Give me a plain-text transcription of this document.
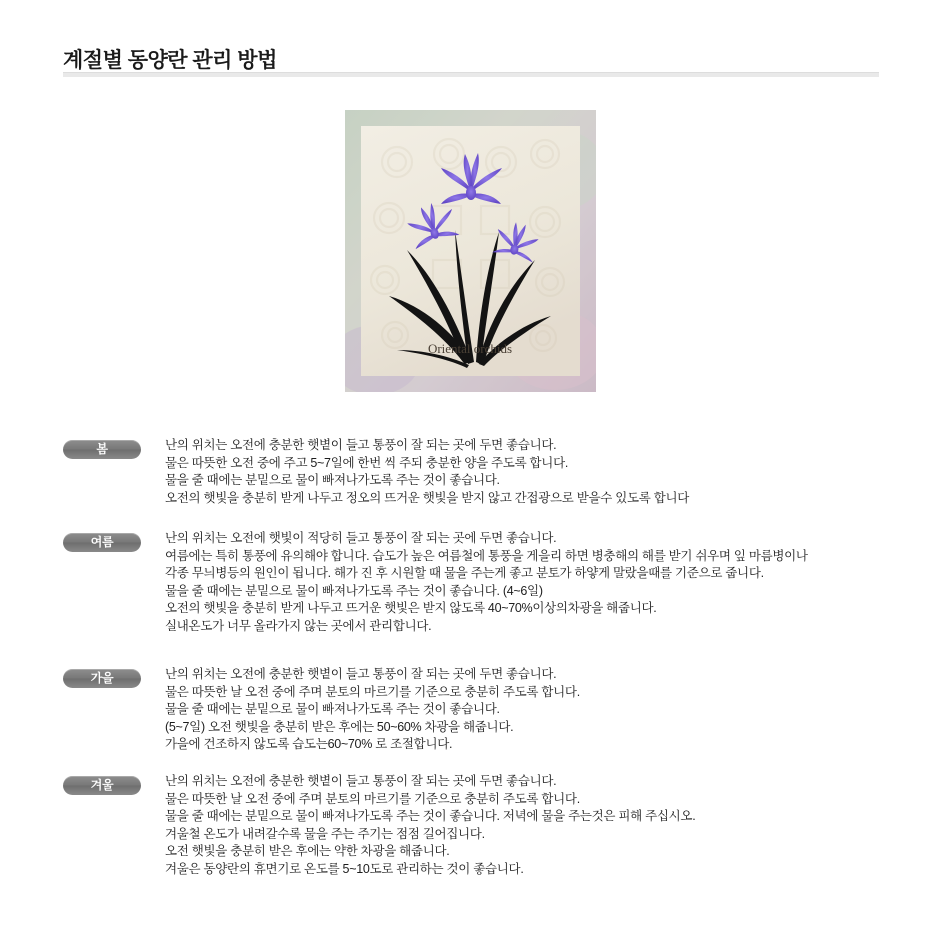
계절별 동양란 관리 방법
Oriental orchids
봄	난의 위치는 오전에 충분한 햇볕이 들고 통풍이 잘 되는 곳에 두면 좋습니다.
물은 따뜻한 오전 중에 주고 5~7일에 한번 씩 주되 충분한 양을 주도록 합니다.
물을 줄 때에는 분밑으로 물이 빠져나가도록 주는 것이 좋습니다.
오전의 햇빛을 충분히 받게 나두고 정오의 뜨거운 햇빛을 받지 않고 간접광으로 받을수 있도록 합니다
여름	난의 위치는 오전에 햇빛이 적당히 들고 통풍이 잘 되는 곳에 두면 좋습니다.
여름에는 특히 통풍에 유의해야 합니다. 습도가 높은 여름철에 통풍을 게을리 하면 병충해의 해를 받기 쉬우며 잎 마름병이나
각종 무늬병등의 원인이 됩니다. 해가 진 후 시원할 때 물을 주는게 좋고 분토가 하얗게 말랐을때를 기준으로 줍니다.
물을 줄 때에는 분밑으로 물이 빠져나가도록 주는 것이 좋습니다. (4~6일)
오전의 햇빛을 충분히 받게 나두고 뜨거운 햇빛은 받지 않도록 40~70%이상의차광을 해줍니다.
실내온도가 너무 올라가지 않는 곳에서 관리합니다.
가을	난의 위치는 오전에 충분한 햇볕이 들고 통풍이 잘 되는 곳에 두면 좋습니다.
물은 따뜻한 날 오전 중에 주며 분토의 마르기를 기준으로 충분히 주도록 합니다.
물을 줄 때에는 분밑으로 물이 빠져나가도록 주는 것이 좋습니다.
(5~7일) 오전 햇빛을 충분히 받은 후에는 50~60% 차광을 해줍니다.
가을에 건조하지 않도록 습도는60~70% 로 조절합니다.
겨울	난의 위치는 오전에 충분한 햇볕이 들고 통풍이 잘 되는 곳에 두면 좋습니다.
물은 따뜻한 날 오전 중에 주며 분토의 마르기를 기준으로 충분히 주도록 합니다.
물을 줄 때에는 분밑으로 물이 빠져나가도록 주는 것이 좋습니다. 저녁에 물을 주는것은 피해 주십시오.
겨울철 온도가 내려갈수록 물을 주는 주기는 점점 길어집니다.
오전 햇빛을 충분히 받은 후에는 약한 차광을 해줍니다.
겨울은 동양란의 휴면기로 온도를 5~10도로 관리하는 것이 좋습니다.
